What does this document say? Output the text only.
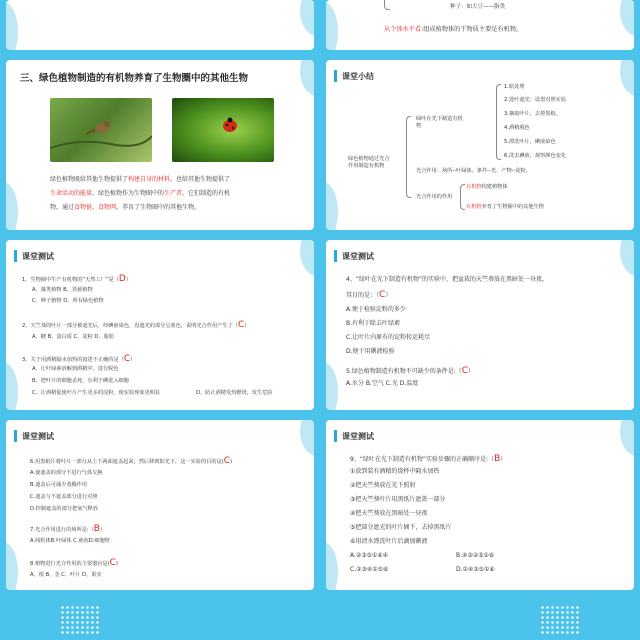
种子：如大豆——脂类
从个体水平看:组成植物体的干物质主要是有机物。
三、绿色植物制造的有机物养育了生物圈中的其他生物
绿色植物既给其他生物提供了构建自身的材料，也给其他生物提供了
生命活动的能量。绿色植物作为生物圈中的生产者，它们制造的有机
物，通过食物链、食物网，养育了生物圈中的其他生物。
课堂小结
绿色植物通过光合作用制造有机物
绿叶在光下制造有机物
1.暗处理
2.选叶遮光：设置对照实验
3.摘取叶片，去掉黑纸。
4.酒精脱色
5.漂洗叶片，碘液染色
6.洗去碘液，观察颜色变化
光合作用：场所--叶绿体、条件--光、产物--淀粉。
光合作用的作用
有机物构建植物体
有机物养育了生物圈中的其他生物
课堂测试
1、生物圈中生产有机物的“天然工厂”是（D）
A、藻类植物 B、苔藓植物
C、种子植物 D、所有绿色植物
2、天竺葵的叶片一部分被遮光后，经碘液染色，没遮光的部分呈蓝色，说明光合作用产生了（C）
A、糖 B、蛋白质 C、淀粉 D、脂肪
3、关于用酒精隔水加热的叙述不正确的是（C）
A、让叶绿素溶解到酒精中，进行脱色
B、把叶片的细胞杀死，有利于碘进入细胞
C、让酒精促使叶片产生更多的淀粉，使实验现象更明显	D、防止酒精受热燃烧，发生危险
课堂测试
4、“绿叶在光下制造有机物”的实验中，把盆栽的天竺葵放在黑暗处一昼夜，
其目的是：（C）
A.便于检验淀粉的多少
B.有利于除去叶绿素
C.让叶片内原有的淀粉转运耗尽
D.便于用碘液检验
5.绿色植物制造有机物不可缺少的条件是:（C）
A.水分 B.空气 C.光 D.温度
课堂测试
6.用黑纸片将叶片一部分从上下两面遮盖起来，然后移到阳光下，这一实验的目的是(C)
A.使遮盖的部分不进行气体交换
B.遮盖后可减少蒸腾作用
C.遮盖与不遮盖部分进行对照
D.控制遮盖的部分把氧气释放
7.光合作用进行的场所是:（B）
A.线粒体B.叶绿体 C.液泡D.细胞壁
8.植物进行光合作用的主要器官是(C)
A、根 B、茎 C、叶片 D、果实
课堂测试
9、“绿叶在光下制造有机物”实验步骤的正确顺序是:（B）
①放到装有酒精的烧杯中隔水加热
②把天竺葵放在光下照射
③把天竺葵叶片用黑纸片遮盖一部分
④把天竺葵放在黑暗处一昼夜
⑤把部分遮光的叶片摘下，去掉黑纸片
⑥用清水漂洗叶片后滴加碘液
A.②③⑤①⑥④	B.④③②⑤①⑥
C.②③④①⑤⑥	D.②④③⑤①⑥
